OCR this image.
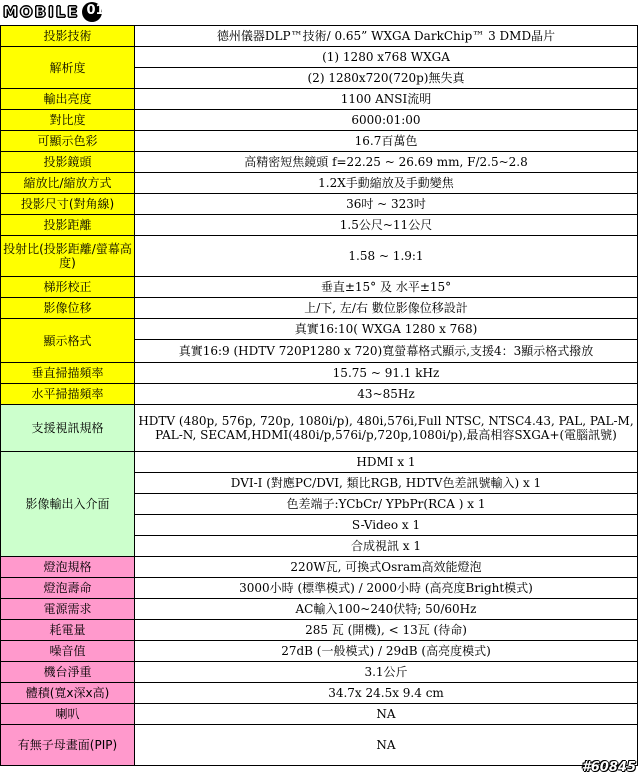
MOBILE 01
投影技術	德州儀器DLP™技術/ 0.65” WXGA DarkChip™ 3 DMD晶片
解析度	(1) 1280 x768 WXGA
	(2) 1280x720(720p)無失真
輸出亮度	1100 ANSI流明
對比度	6000:01:00
可顯示色彩	16.7百萬色
投影鏡頭	高精密短焦鏡頭 f=22.25 ~ 26.69 mm, F/2.5~2.8
縮放比/縮放方式	1.2X手動縮放及手動變焦
投影尺寸(對角線)	36吋 ~ 323吋
投影距離	1.5公尺~11公尺
投射比(投影距離/螢幕高度)	1.58 ~ 1.9:1
梯形校正	垂直±15° 及 水平±15°
影像位移	上/下, 左/右 數位影像位移設計
顯示格式	真實16:10( WXGA 1280 x 768)
	真實16:9 (HDTV 720P1280 x 720)寬螢幕格式顯示,支援4：3顯示格式撥放
垂直掃描頻率	15.75 ~ 91.1 kHz
水平掃描頻率	43~85Hz
支援視訊規格	HDTV (480p, 576p, 720p, 1080i/p), 480i,576i,Full NTSC, NTSC4.43, PAL, PAL-M, PAL-N, SECAM,HDMI(480i/p,576i/p,720p,1080i/p),最高相容SXGA+(電腦訊號)
影像輸出入介面	HDMI x 1
	DVI-I (對應PC/DVI, 類比RGB, HDTV色差訊號輸入) x 1
	色差端子:YCbCr/ YPbPr(RCA ) x 1
	S-Video x 1
	合成視訊 x 1
燈泡規格	220W瓦, 可換式Osram高效能燈泡
燈泡壽命	3000小時 (標準模式) / 2000小時 (高亮度Bright模式)
電源需求	AC輸入100~240伏特; 50/60Hz
耗電量	285 瓦 (開機), < 13瓦 (待命)
噪音值	27dB (一般模式) / 29dB (高亮度模式)
機台淨重	3.1公斤
體積(寬x深x高)	34.7x 24.5x 9.4 cm
喇叭	NA
有無子母畫面(PIP)	NA
#60845
